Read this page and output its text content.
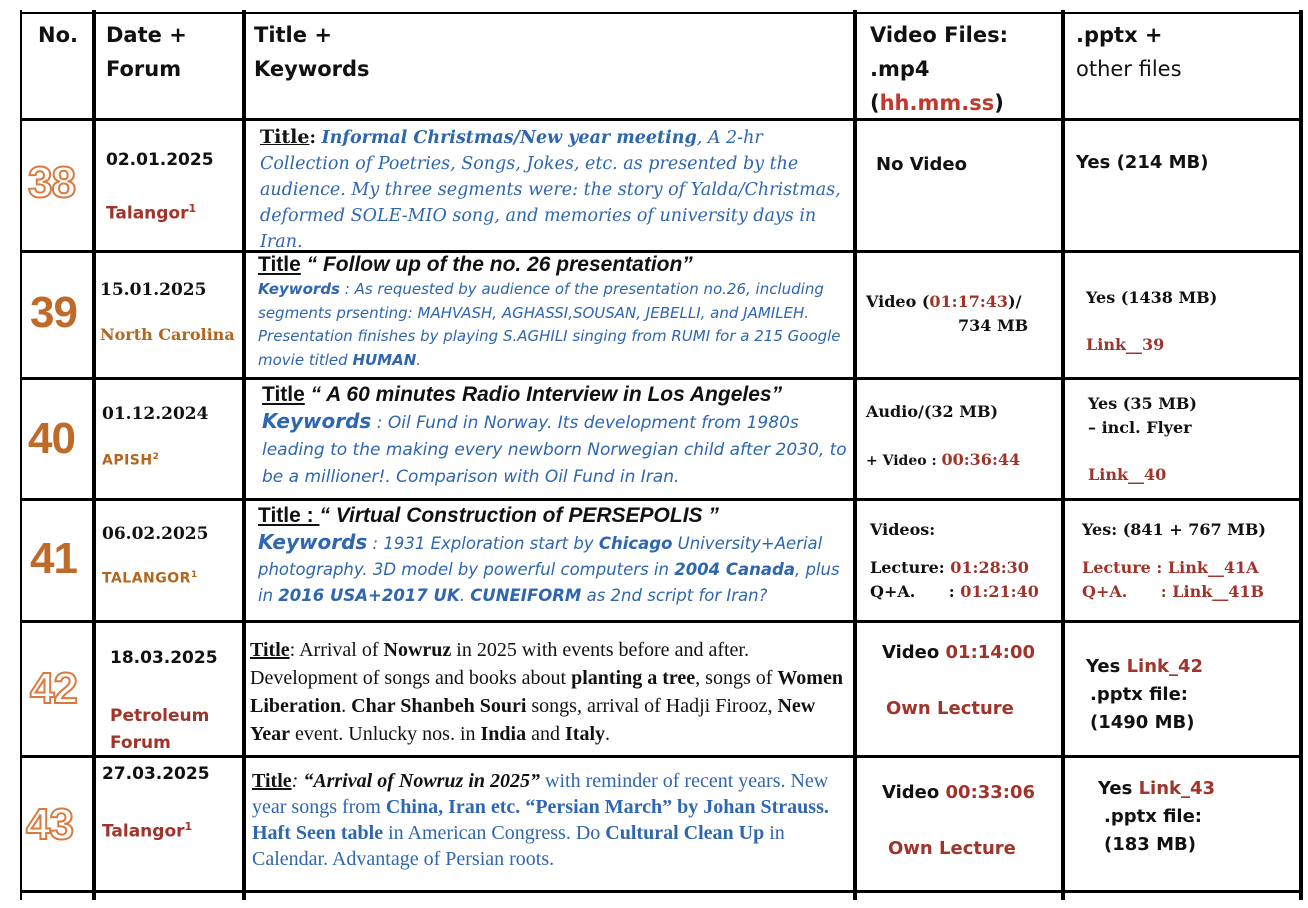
No. Date +
Forum
Title +
Keywords
Video Files:
.mp4
(hh.mm.ss)
.pptx +
other files
38 02.01.2025
Talangor$^1$
Title: Informal Christmas/New year meeting, A 2-hr Collection of Poetries, Songs, Jokes, etc. as presented by the audience. My three segments were: the story of Yalda/Christmas, deformed SOLE-MIO song, and memories of university days in Iran.
No Video	Yes (214 MB)
39 15.01.2025
North Carolina
Title “ Follow up of the no. 26 presentation”
Keywords : As requested by audience of the presentation no.26, including segments prsenting: MAHVASH, AGHASSI,SOUSAN, JEBELLI, and JAMILEH. Presentation finishes by playing S.AGHILI singing from RUMI for a 215 Google movie titled HUMAN.
Video (01:17:43)/
734 MB
Yes (1438 MB)
Link__39
40 01.12.2024
APISH$^2$
Title “ A 60 minutes Radio Interview in Los Angeles”
Keywords : Oil Fund in Norway. Its development from 1980s leading to the making every newborn Norwegian child after 2030, to be a millioner!. Comparison with Oil Fund in Iran.
Audio/(32 MB)
+ Video : 00:36:44
Yes (35 MB)
– incl. Flyer
Link__40
41 06.02.2025
TALANGOR$^1$
Title : “ Virtual Construction of PERSEPOLIS ”
Keywords : 1931 Exploration start by Chicago University+Aerial photography. 3D model by powerful computers in 2004 Canada, plus in 2016 USA+2017 UK. CUNEIFORM as 2nd script for Iran?
Videos:
Lecture: 01:28:30
Q+A.      : 01:21:40
Yes: (841 + 767 MB)
Lecture : Link__41A
Q+A.      : Link__41B
42
18.03.2025
Petroleum
Forum
Title: Arrival of Nowruz in 2025 with events before and after. Development of songs and books about planting a tree, songs of Women Liberation. Char Shanbeh Souri songs, arrival of Hadji Firooz, New Year event. Unlucky nos. in India and Italy.
Video 01:14:00
Own Lecture
Yes Link_42
.pptx file:
(1490 MB)
43
27.03.2025
Talangor$^1$
Title: “Arrival of Nowruz in 2025” with reminder of recent years. New year songs from China, Iran etc. “Persian March” by Johan Strauss. Haft Seen table in American Congress. Do Cultural Clean Up in Calendar. Advantage of Persian roots.
Video 00:33:06
Own Lecture
Yes Link_43
.pptx file:
(183 MB)
